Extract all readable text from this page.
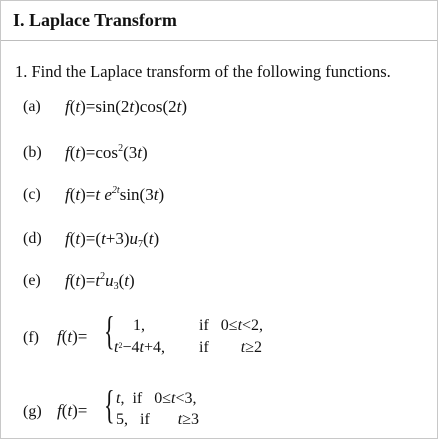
I. Laplace Transform
1. Find the Laplace transform of the following functions.
(a) f(t)=sin(2t)cos(2t)
(b) $f(t)=\cos^2(3t)$
(c) f(t)=t $e^{2t}\sin(3t)$
(d) $f(t)=(t+3)u_7(t)$
(e) $f(t)=t^2u_3(t)$
(f) f(t)= { 1,	if   0≤t<2,
$t^2-4t+4$, if        t≥2
(g) f(t)= { t,  if   0≤t<3,
5,   if       t≥3
